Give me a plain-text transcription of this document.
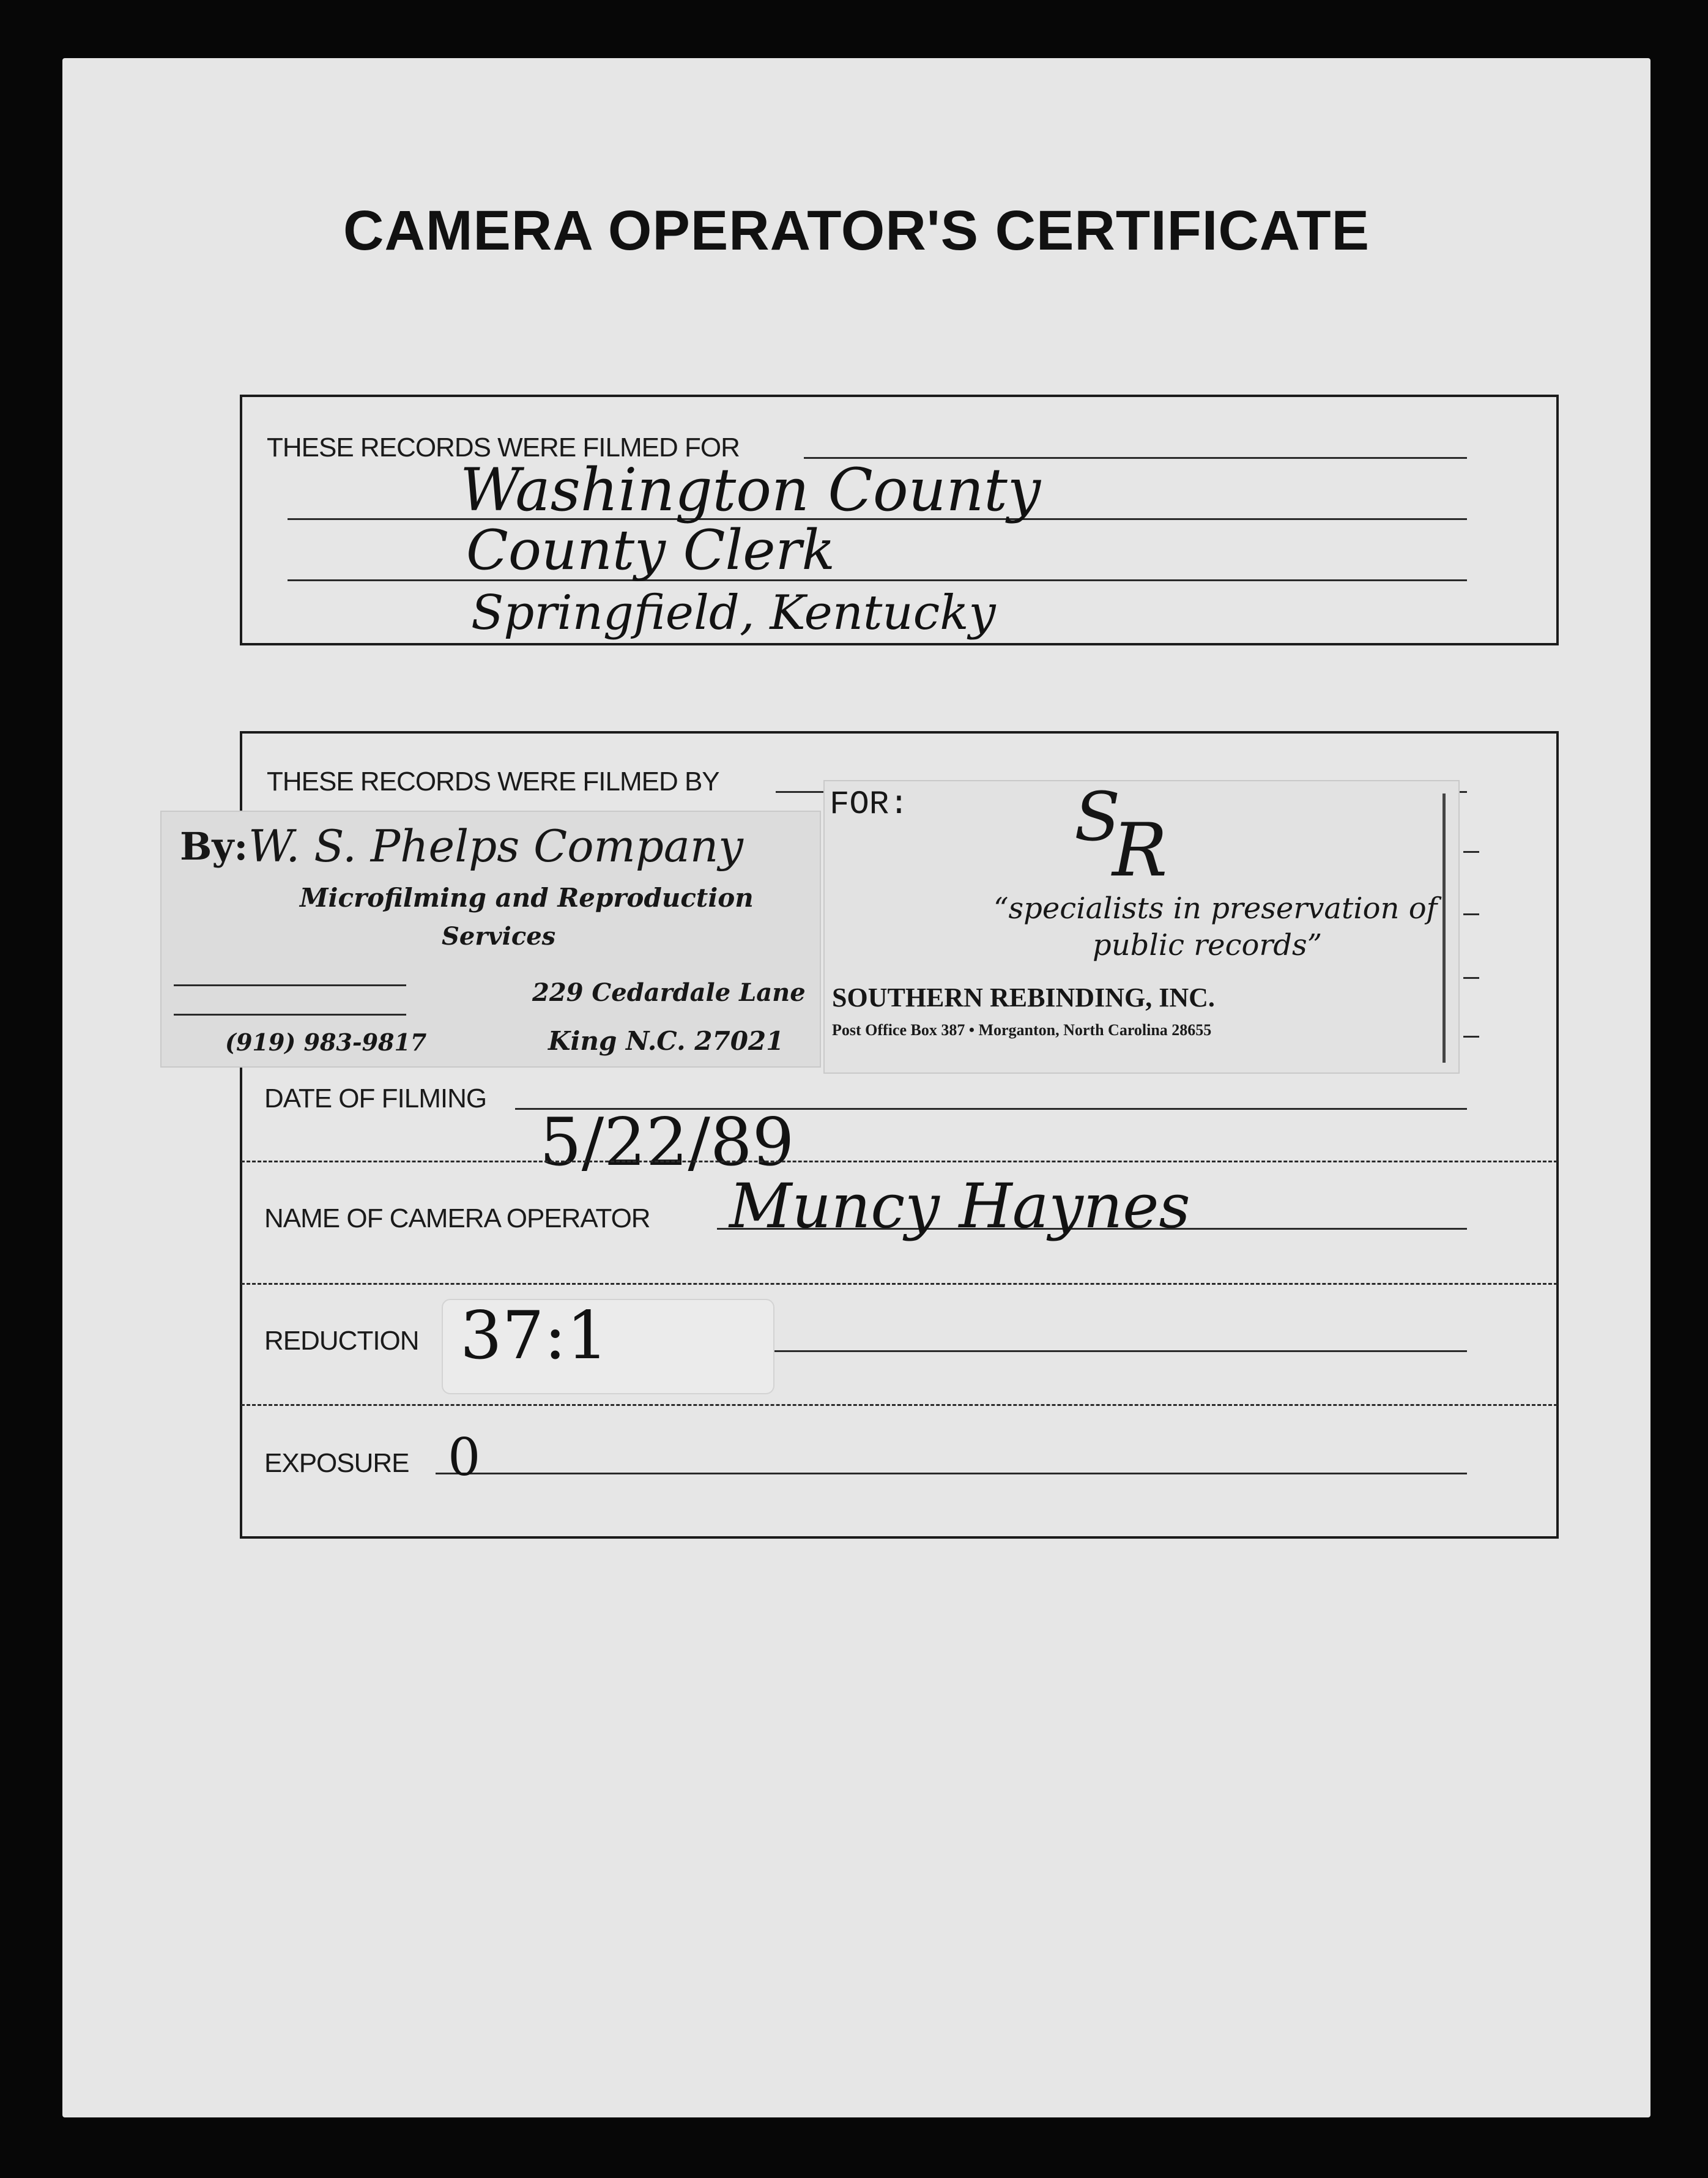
CAMERA OPERATOR'S CERTIFICATE
THESE RECORDS WERE FILMED FOR
Washington County
County Clerk
Springfield, Kentucky
THESE RECORDS WERE FILMED BY
By: W. S. Phelps Company
Microfilming and Reproduction
Services
229 Cedardale Lane
(919) 983-9817	King N.C. 27021
FOR:
“specialists in preservation of
public records”
SOUTHERN REBINDING, INC.
Post Office Box 387 • Morganton, North Carolina 28655
S
R
DATE OF FILMING
5/22/89
NAME OF CAMERA OPERATOR Muncy Haynes
REDUCTION 37:1
EXPOSURE 0
